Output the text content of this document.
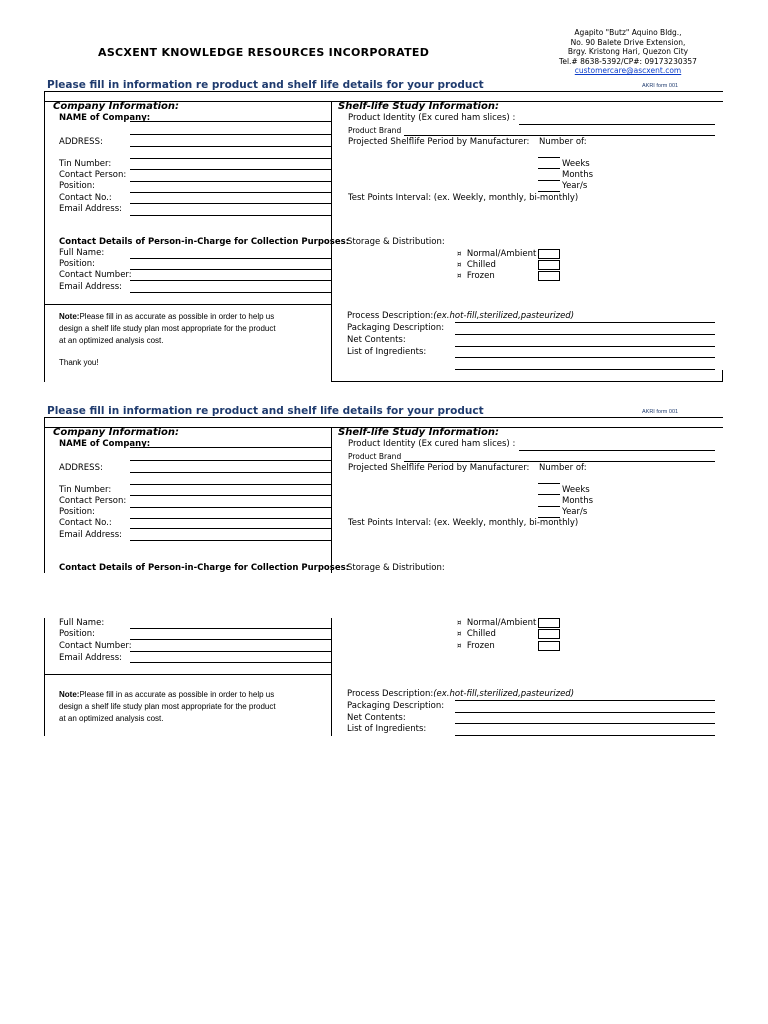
ASCXENT KNOWLEDGE RESOURCES INCORPORATED
Agapito "Butz" Aquino Bldg.,
No. 90 Balete Drive Extension,
Brgy. Kristong Hari, Quezon City
Tel.# 8638-5392/CP#: 09173230357
customercare@ascxent.com
Please fill in information re product and shelf life details for your product	AKRI form 001
Company Information:
NAME of Company:
ADDRESS:
Tin Number:
Contact Person:
Position:
Contact No.:
Email Address:
Contact Details of Person-in-Charge for Collection Purposes:
Full Name:
Position:
Contact Number:
Email Address:
Note:Please fill in as accurate as possible in order to help us design a shelf life study plan most appropriate for the product at an optimized analysis cost.
Thank you!
Shelf-life Study Information:
Product Identity (Ex cured ham slices) :
Product Brand
Projected Shelflife Period by Manufacturer: Number of:
Weeks
Months
Year/s
Test Points Interval: (ex. Weekly, monthly, bi-monthly)
Storage & Distribution:
¤ Normal/Ambient
¤ Chilled
¤ Frozen
Process Description:(ex.hot-fill,sterilized,pasteurized)
Packaging Description:
Net Contents:
List of Ingredients:
Please fill in information re product and shelf life details for your product	AKRI form 001
Company Information:
NAME of Company:
ADDRESS:
Tin Number:
Contact Person:
Position:
Contact No.:
Email Address:
Contact Details of Person-in-Charge for Collection Purposes:
Full Name:
Position:
Contact Number:
Email Address:
Note:Please fill in as accurate as possible in order to help us design a shelf life study plan most appropriate for the product at an optimized analysis cost.
Shelf-life Study Information:
Product Identity (Ex cured ham slices) :
Product Brand
Projected Shelflife Period by Manufacturer: Number of:
Weeks
Months
Year/s
Test Points Interval: (ex. Weekly, monthly, bi-monthly)
Storage & Distribution:
¤ Normal/Ambient
¤ Chilled
¤ Frozen
Process Description:(ex.hot-fill,sterilized,pasteurized)
Packaging Description:
Net Contents:
List of Ingredients:
